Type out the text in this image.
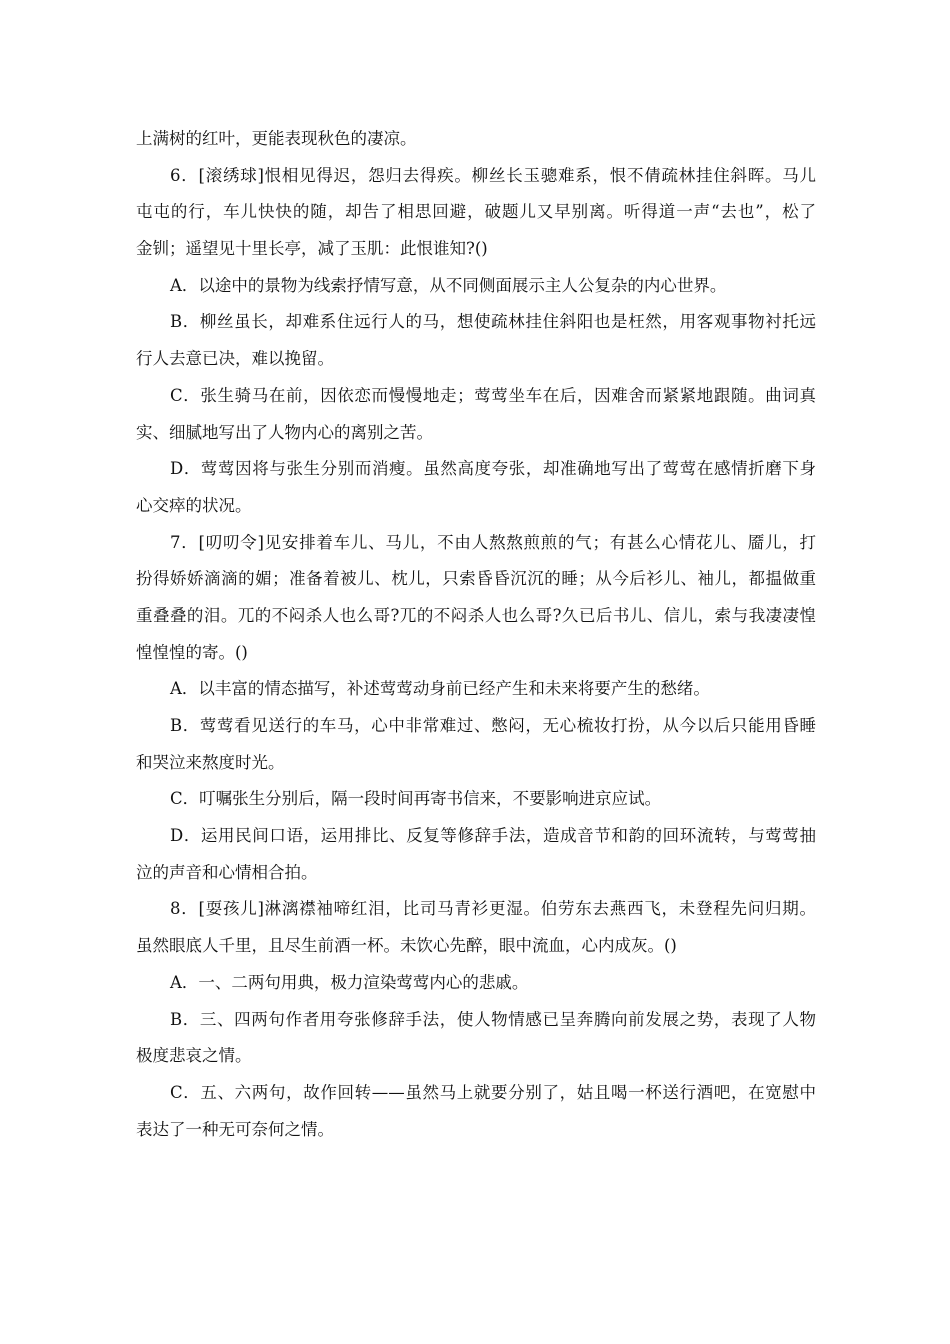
上满树的红叶，更能表现秋色的凄凉。
6．[滚绣球]恨相见得迟，怨归去得疾。柳丝长玉骢难系，恨不倩疏林挂住斜晖。马儿
屯屯的行，车儿快快的随，却告了相思回避，破题儿又早别离。听得道一声“去也”，松了
金钏；遥望见十里长亭，减了玉肌：此恨谁知?()
A．以途中的景物为线索抒情写意，从不同侧面展示主人公复杂的内心世界。
B．柳丝虽长，却难系住远行人的马，想使疏林挂住斜阳也是枉然，用客观事物衬托远
行人去意已决，难以挽留。
C．张生骑马在前，因依恋而慢慢地走；莺莺坐车在后，因难舍而紧紧地跟随。曲词真
实、细腻地写出了人物内心的离别之苦。
D．莺莺因将与张生分别而消瘦。虽然高度夸张，却准确地写出了莺莺在感情折磨下身
心交瘁的状况。
7．[叨叨令]见安排着车儿、马儿，不由人熬熬煎煎的气；有甚么心情花儿、靥儿，打
扮得娇娇滴滴的媚；准备着被儿、枕儿，只索昏昏沉沉的睡；从今后衫儿、袖儿，都揾做重
重叠叠的泪。兀的不闷杀人也么哥?兀的不闷杀人也么哥?久已后书儿、信儿，索与我凄凄惶
惶惶惶的寄。()
A．以丰富的情态描写，补述莺莺动身前已经产生和未来将要产生的愁绪。
B．莺莺看见送行的车马，心中非常难过、憋闷，无心梳妆打扮，从今以后只能用昏睡
和哭泣来熬度时光。
C．叮嘱张生分别后，隔一段时间再寄书信来，不要影响进京应试。
D．运用民间口语，运用排比、反复等修辞手法，造成音节和韵的回环流转，与莺莺抽
泣的声音和心情相合拍。
8．[耍孩儿]淋漓襟袖啼红泪，比司马青衫更湿。伯劳东去燕西飞，未登程先问归期。
虽然眼底人千里，且尽生前酒一杯。未饮心先醉，眼中流血，心内成灰。()
A．一、二两句用典，极力渲染莺莺内心的悲戚。
B．三、四两句作者用夸张修辞手法，使人物情感已呈奔腾向前发展之势，表现了人物
极度悲哀之情。
C．五、六两句，故作回转——虽然马上就要分别了，姑且喝一杯送行酒吧，在宽慰中
表达了一种无可奈何之情。
